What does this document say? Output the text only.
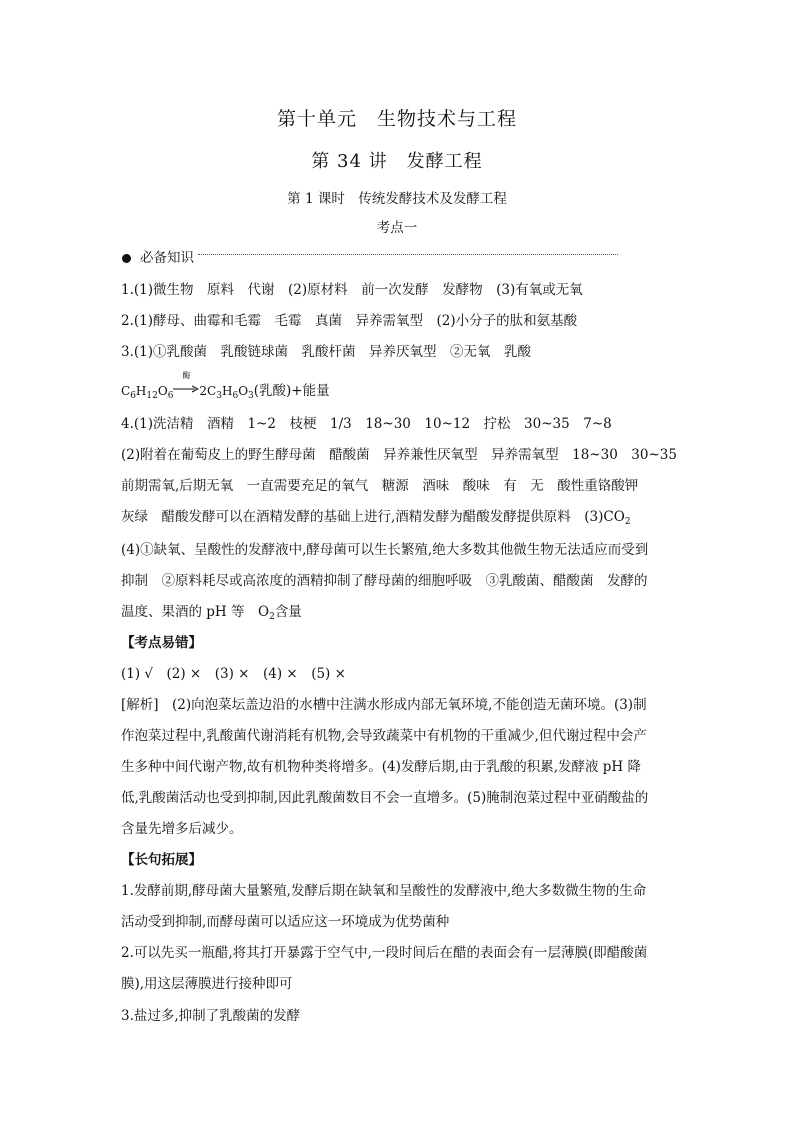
第十单元　生物技术与工程
第 34 讲　发酵工程
第 1 课时　传统发酵技术及发酵工程
考点一
必备知识
1.(1)微生物　原料　代谢　(2)原材料　前一次发酵　发酵物　(3)有氧或无氧
2.(1)酵母、曲霉和毛霉　毛霉　真菌　异养需氧型　(2)小分子的肽和氨基酸
3.(1)①乳酸菌　乳酸链球菌　乳酸杆菌　异养厌氧型　②无氧　乳酸
$C_6H_{12}O_6$
酶
$2C_3H_6O_3$(乳酸)+能量
4.(1)洗洁精　酒精　1~2　枝梗　1/3　18~30　10~12　拧松　30~35　7~8
(2)附着在葡萄皮上的野生酵母菌　醋酸菌　异养兼性厌氧型　异养需氧型　18~30　30~35
前期需氧,后期无氧　一直需要充足的氧气　糖源　酒味　酸味　有　无　酸性重铬酸钾
灰绿　醋酸发酵可以在酒精发酵的基础上进行,酒精发酵为醋酸发酵提供原料　$(3)CO_2$
(4)①缺氧、呈酸性的发酵液中,酵母菌可以生长繁殖,绝大多数其他微生物无法适应而受到
抑制　②原料耗尽或高浓度的酒精抑制了酵母菌的细胞呼吸　③乳酸菌、醋酸菌　发酵的
温度、果酒的 pH 等　$O_2$含量
【考点易错】
(1) √　(2) ×　(3) ×　(4) ×　(5) ×
[解析]　(2)向泡菜坛盖边沿的水槽中注满水形成内部无氧环境,不能创造无菌环境。(3)制
作泡菜过程中,乳酸菌代谢消耗有机物,会导致蔬菜中有机物的干重减少,但代谢过程中会产
生多种中间代谢产物,故有机物种类将增多。(4)发酵后期,由于乳酸的积累,发酵液 pH 降
低,乳酸菌活动也受到抑制,因此乳酸菌数目不会一直增多。(5)腌制泡菜过程中亚硝酸盐的
含量先增多后减少。
【长句拓展】
1.发酵前期,酵母菌大量繁殖,发酵后期在缺氧和呈酸性的发酵液中,绝大多数微生物的生命
活动受到抑制,而酵母菌可以适应这一环境成为优势菌种
2.可以先买一瓶醋,将其打开暴露于空气中,一段时间后在醋的表面会有一层薄膜(即醋酸菌
膜),用这层薄膜进行接种即可
3.盐过多,抑制了乳酸菌的发酵
